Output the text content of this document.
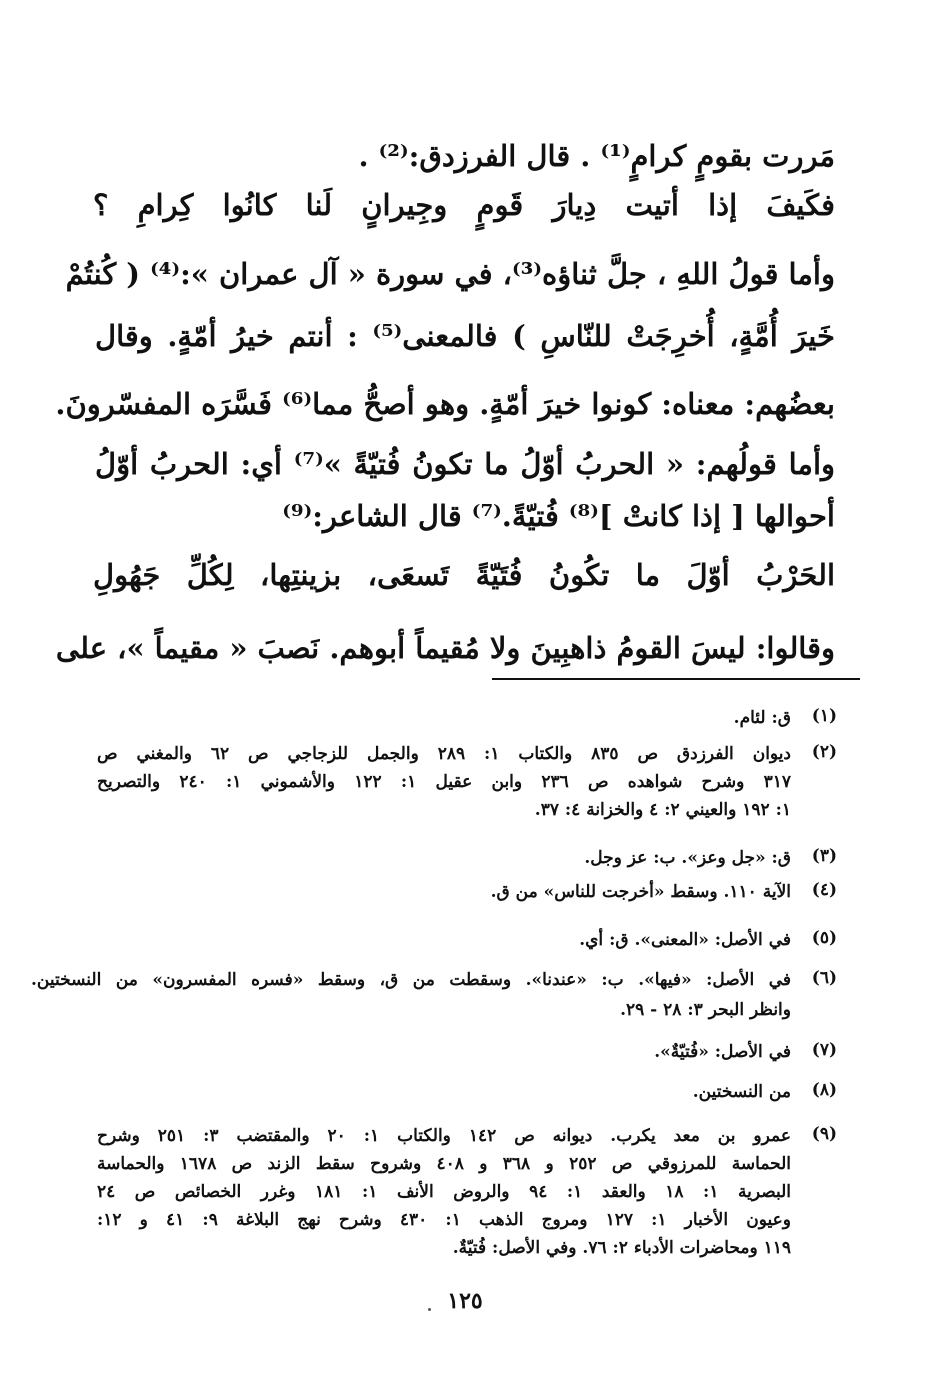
مَررت بقومٍ كرامٍ⁽¹⁾ . قال الفرزدق:⁽²⁾ .
فكَيفَ إذا أتيت دِيارَ قَومٍ وجِيرانٍ لَنا كانُوا كِرامِ ؟
وأما قولُ اللهِ ، جلَّ ثناؤه⁽³⁾، في سورة « آل عمران »:⁽⁴⁾ ( كُنتُمْ
خَيرَ أُمَّةٍ، أُخرِجَتْ للنّاسِ ) فالمعنى⁽⁵⁾ : أنتم خيرُ أمّةٍ. وقال
بعضُهم: معناه: كونوا خيرَ أمّةٍ. وهو أصحُّ مما⁽⁶⁾ فَسَّرَه المفسّرونَ.
وأما قولُهم: « الحربُ أوّلُ ما تكونُ فُتيّةً »⁽⁷⁾ أي: الحربُ أوّلُ
أحوالها [ إذا كانتْ ]⁽⁸⁾ فُتيّةً.⁽⁷⁾ قال الشاعر:⁽⁹⁾
الحَرْبُ أوّلَ ما تكُونُ فُتَيّةً تَسعَى، بزينتِها، لِكُلِّ جَهُولِ
وقالوا: ليسَ القومُ ذاهبِينَ ولا مُقيماً أبوهم. نَصبَ « مقيماً »، على
(١)
ق: لئام.
(٢)
ديوان الفرزدق ص ٨٣٥ والكتاب ١: ٢٨٩ والجمل للزجاجي ص ٦٢ والمغني ص
٣١٧ وشرح شواهده ص ٢٣٦ وابن عقيل ١: ١٢٢ والأشموني ١: ٢٤٠ والتصريح
١: ١٩٢ والعيني ٢: ٤ والخزانة ٤: ٣٧.
(٣)
ق: «جل وعز». ب: عز وجل.
(٤)
الآية ١١٠. وسقط «أخرجت للناس» من ق.
(٥)
في الأصل: «المعنى». ق: أي.
(٦)
في الأصل: «فيها». ب: «عندنا». وسقطت من ق، وسقط «فسره المفسرون» من النسختين.
وانظر البحر ٣: ٢٨ - ٢٩.
(٧)
في الأصل: «فُتيّةٌ».
(٨)
من النسختين.
(٩)
عمرو بن معد يكرب. ديوانه ص ١٤٢ والكتاب ١: ٢٠ والمقتضب ٣: ٢٥١ وشرح
الحماسة للمرزوقي ص ٢٥٢ و ٣٦٨ و ٤٠٨ وشروح سقط الزند ص ١٦٧٨ والحماسة
البصرية ١: ١٨ والعقد ١: ٩٤ والروض الأنف ١: ١٨١ وغرر الخصائص ص ٢٤
وعيون الأخبار ١: ١٢٧ ومروج الذهب ١: ٤٣٠ وشرح نهج البلاغة ٩: ٤١ و ١٢:
١١٩ ومحاضرات الأدباء ٢: ٧٦. وفي الأصل: فُتيّةٌ.
١٢٥
